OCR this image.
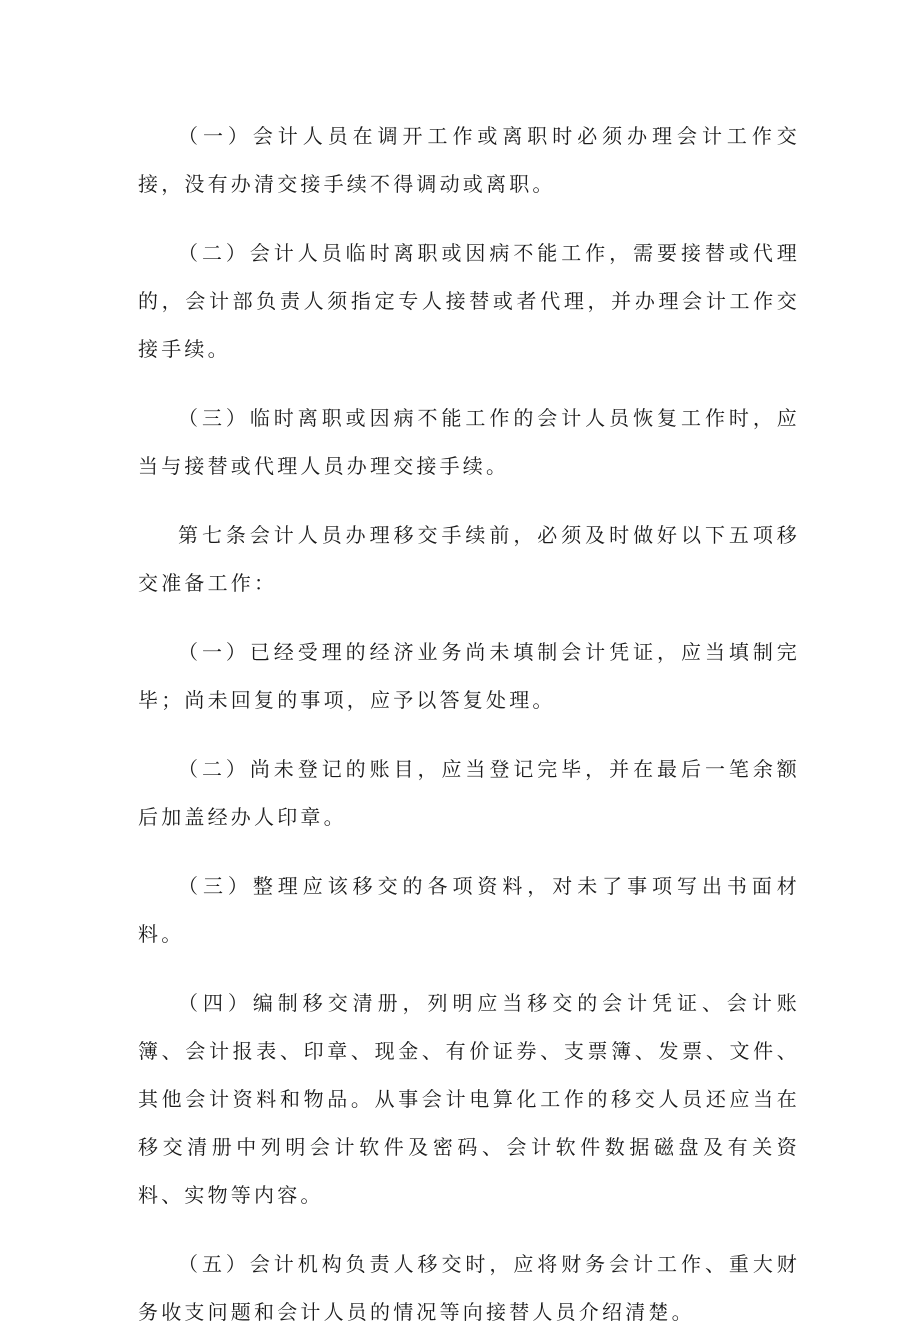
（一）会计人员在调开工作或离职时必须办理会计工作交接，没有办清交接手续不得调动或离职。

（二）会计人员临时离职或因病不能工作，需要接替或代理的，会计部负责人须指定专人接替或者代理，并办理会计工作交接手续。

（三）临时离职或因病不能工作的会计人员恢复工作时，应当与接替或代理人员办理交接手续。

第七条会计人员办理移交手续前，必须及时做好以下五项移交准备工作：

（一）已经受理的经济业务尚未填制会计凭证，应当填制完毕；尚未回复的事项，应予以答复处理。

（二）尚未登记的账目，应当登记完毕，并在最后一笔余额后加盖经办人印章。

（三）整理应该移交的各项资料，对未了事项写出书面材料。

（四）编制移交清册，列明应当移交的会计凭证、会计账簿、会计报表、印章、现金、有价证券、支票簿、发票、文件、其他会计资料和物品。从事会计电算化工作的移交人员还应当在移交清册中列明会计软件及密码、会计软件数据磁盘及有关资料、实物等内容。

（五）会计机构负责人移交时，应将财务会计工作、重大财务收支问题和会计人员的情况等向接替人员介绍清楚。
